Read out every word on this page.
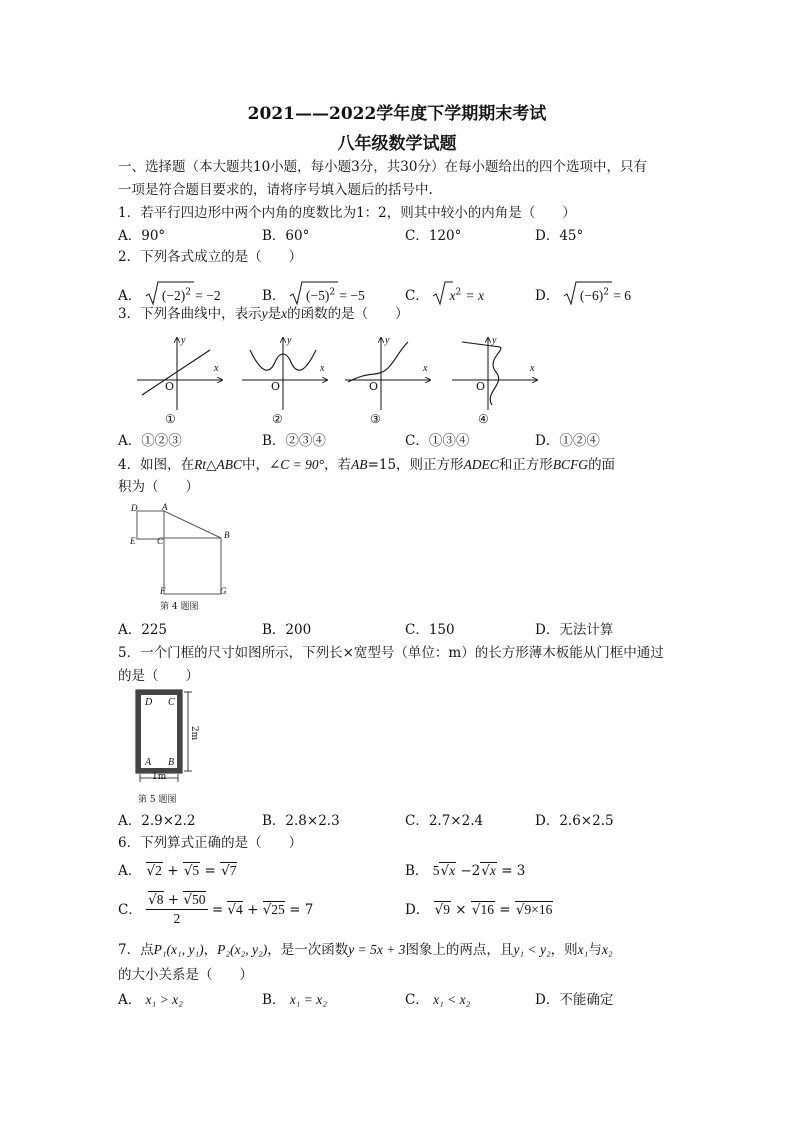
2021——2022学年度下学期期末考试
八年级数学试题
一、选择题（本大题共10小题，每小题3分，共30分）在每小题给出的四个选项中，只有
一项是符合题目要求的，请将序号填入题后的括号中.
1．若平行四边形中两个内角的度数比为1：2，则其中较小的内角是（　　）
A．90°	B．60°	C．120°	D．45°
2．下列各式成立的是（　　）
A． $(-2)^2 = -2$	B． $(-5)^2 = -5$	C． $x^2 = x$	D． $(-6)^2 = 6$
3．下列各曲线中，表示y是x的函数的是（　　）
x
y
O
x
y
O
x
y
O
x
y
O
①	②	③	④
A．①②③	B．②③④	C．①③④	D．①②④
4．如图，在Rt△ABC中，∠C = 90°，若AB=15，则正方形ADEC和正方形BCFG的面
积为（　　）
D	A
E C
B
F	G
第 4 题图
A．225	B．200	C．150	D．无法计算
5．一个门框的尺寸如图所示，下列长×宽型号（单位：m）的长方形薄木板能从门框中通过
的是（　　）
D C
A B
2m
1m
第 5 题图
A．2.9×2.2	B．2.8×2.3	C．2.7×2.4	D．2.6×2.5
6．下列算式正确的是（　　）
A． √2 + √5 = √7	B． 5√x −2√x = 3
C． $\frac{√8 + √50}{2} = √4 + √25 = 7$	D． √9 × √16 = √9×16
7．点P₁(x₁, y₁)，P₂(x₂, y₂)，是一次函数y = 5x + 3图象上的两点，且y₁ < y₂，则x₁与x₂
的大小关系是（　　）
A． x₁ > x₂	B． x₁ = x₂	C． x₁ < x₂	D．不能确定
